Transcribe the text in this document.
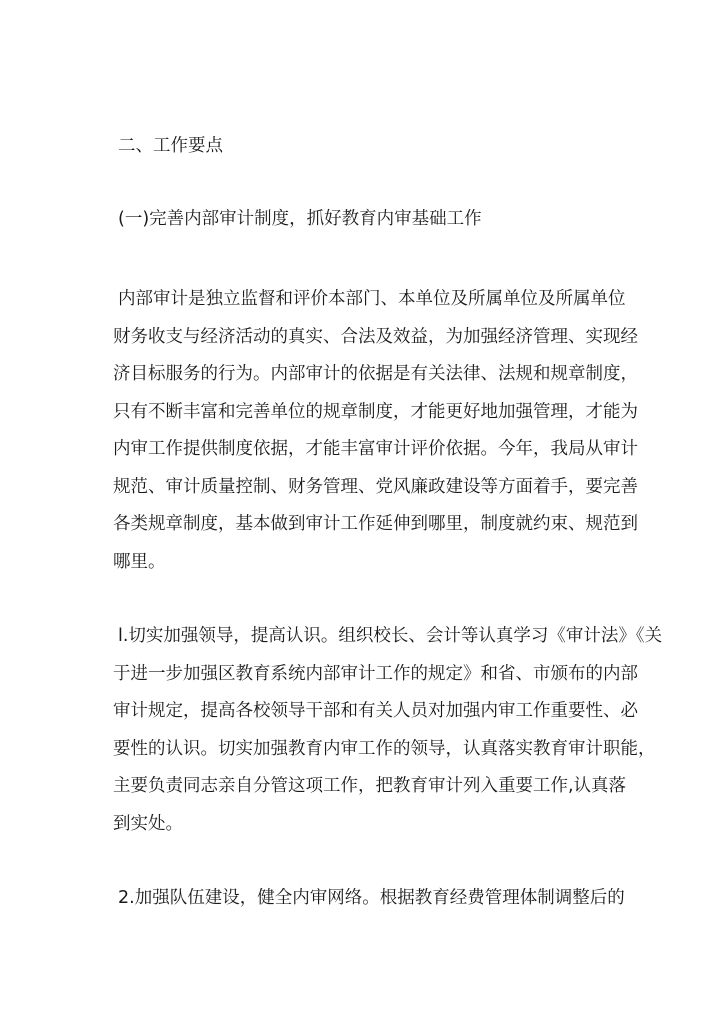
二、工作要点
(一)完善内部审计制度，抓好教育内审基础工作
内部审计是独立监督和评价本部门、本单位及所属单位及所属单位
财务收支与经济活动的真实、合法及效益，为加强经济管理、实现经
济目标服务的行为。内部审计的依据是有关法律、法规和规章制度，
只有不断丰富和完善单位的规章制度，才能更好地加强管理，才能为
内审工作提供制度依据，才能丰富审计评价依据。今年，我局从审计
规范、审计质量控制、财务管理、党风廉政建设等方面着手，要完善
各类规章制度，基本做到审计工作延伸到哪里，制度就约束、规范到
哪里。
l.切实加强领导，提高认识。组织校长、会计等认真学习《审计法》《关
于进一步加强区教育系统内部审计工作的规定》和省、市颁布的内部
审计规定，提高各校领导干部和有关人员对加强内审工作重要性、必
要性的认识。切实加强教育内审工作的领导，认真落实教育审计职能，
主要负责同志亲自分管这项工作，把教育审计列入重要工作,认真落
到实处。
2.加强队伍建设，健全内审网络。根据教育经费管理体制调整后的
